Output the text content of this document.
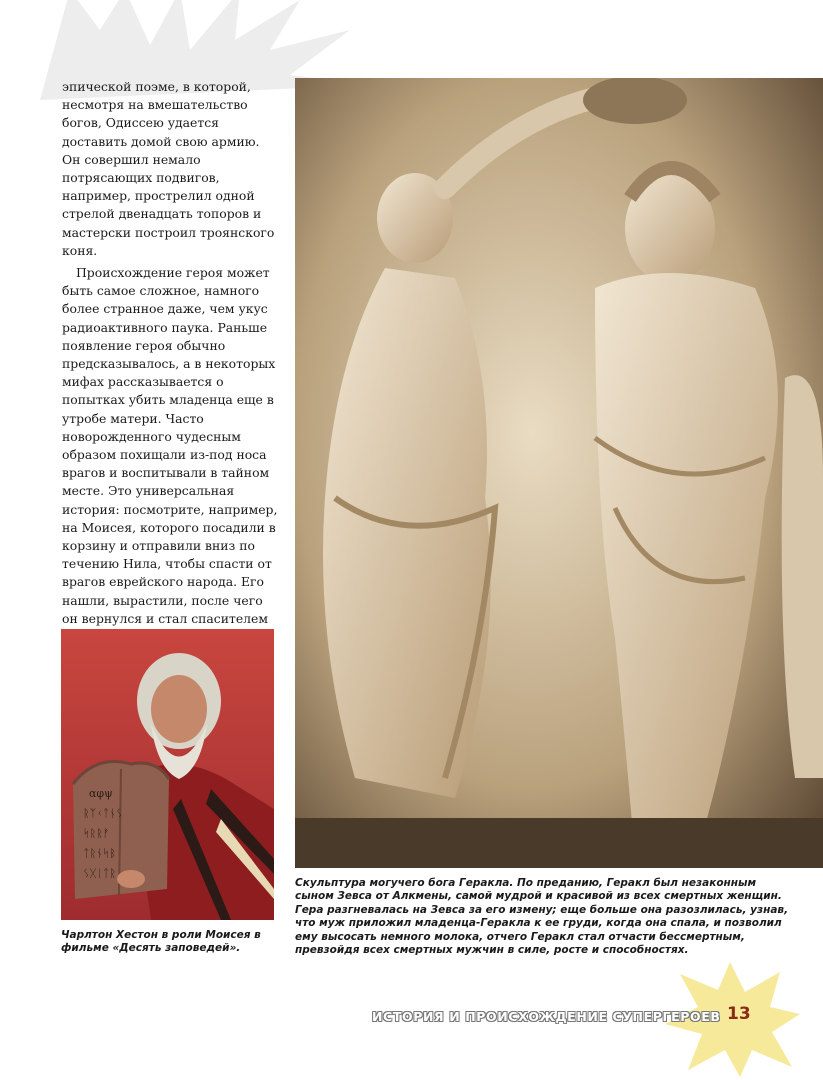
эпической поэме, в которой, несмотря на вмешательство богов, Одиссею удается доставить домой свою армию. Он совершил немало потрясающих подвигов, например, прострелил одной стрелой двенадцать топоров и мастерски построил троянского коня.

Происхождение героя может быть самое сложное, намного более странное даже, чем укус радиоактивного паука. Раньше появление героя обычно предсказывалось, а в некоторых мифах рассказывается о попытках убить младенца еще в утробе матери. Часто новорожденного чудесным образом похищали из-под носа врагов и воспитывали в тайном месте. Это универсальная история: посмотрите, например, на Моисея, которого посадили в корзину и отправили вниз по течению Нила, чтобы спасти от врагов еврейского народа. Его нашли, вырастили, после чего он вернулся и стал спасителем

αφψ
ᚱᛉᚲᛏᚾᛊ
ᛋᚱᚱᚠ
ᛏᚱᚾᛋᛒ
ᛊᚷᛁᛏᚱ
Чарлтон Хестон в роли Моисея в фильме «Десять заповедей».
Скульптура могучего бога Геракла. По преданию, Геракл был незаконным сыном Зевса от Алкмены, самой мудрой и красивой из всех смертных женщин. Гера разгневалась на Зевса за его измену; еще больше она разозлилась, узнав, что муж приложил младенца-Геракла к ее груди, когда она спала, и позволил ему высосать немного молока, отчего Геракл стал отчасти бессмертным, превзойдя всех смертных мужчин в силе, росте и способностях.
ИСТОРИЯ И ПРОИСХОЖДЕНИЕ СУПЕРГЕРОЕВ 13
